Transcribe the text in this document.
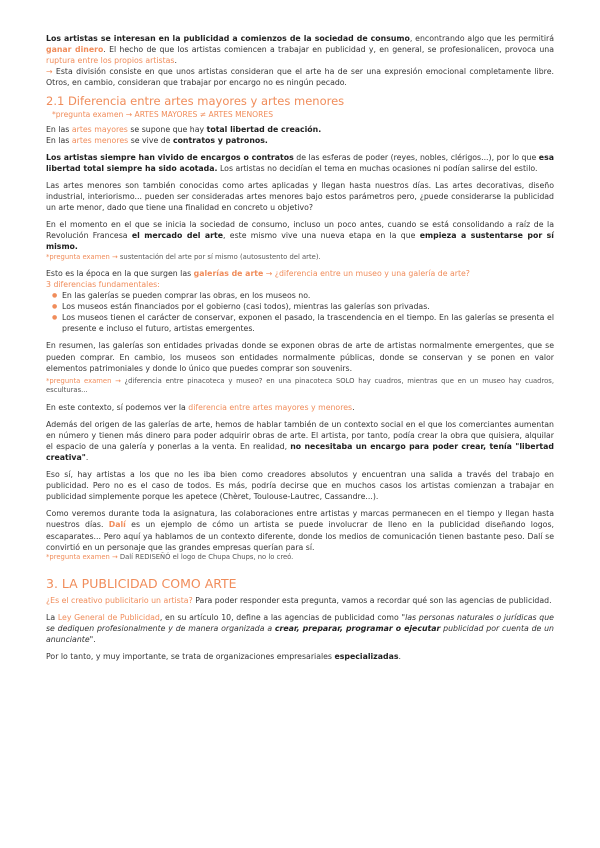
Los artistas se interesan en la publicidad a comienzos de la sociedad de consumo, encontrando algo que les permitirá ganar dinero. El hecho de que los artistas comiencen a trabajar en publicidad y, en general, se profesionalicen, provoca una ruptura entre los propios artistas.

→ Esta división consiste en que unos artistas consideran que el arte ha de ser una expresión emocional completamente libre. Otros, en cambio, consideran que trabajar por encargo no es ningún pecado.

2.1 Diferencia entre artes mayores y artes menores

*pregunta examen → ARTES MAYORES ≠ ARTES MENORES

En las artes mayores se supone que hay total libertad de creación.

En las artes menores se vive de contratos y patronos.

Los artistas siempre han vivido de encargos o contratos de las esferas de poder (reyes, nobles, clérigos...), por lo que esa libertad total siempre ha sido acotada. Los artistas no decidían el tema en muchas ocasiones ni podían salirse del estilo.

Las artes menores son también conocidas como artes aplicadas y llegan hasta nuestros días. Las artes decorativas, diseño industrial, interiorismo... pueden ser consideradas artes menores bajo estos parámetros pero, ¿puede considerarse la publicidad un arte menor, dado que tiene una finalidad en concreto u objetivo?

En el momento en el que se inicia la sociedad de consumo, incluso un poco antes, cuando se está consolidando a raíz de la Revolución Francesa el mercado del arte, este mismo vive una nueva etapa en la que empieza a sustentarse por sí mismo.

*pregunta examen → sustentación del arte por sí mismo (autosustento del arte).

Esto es la época en la que surgen las galerías de arte → ¿diferencia entre un museo y una galería de arte?

3 diferencias fundamentales:

● En las galerías se pueden comprar las obras, en los museos no.
● Los museos están financiados por el gobierno (casi todos), mientras las galerías son privadas.
● Los museos tienen el carácter de conservar, exponen el pasado, la trascendencia en el tiempo. En las galerías se presenta el presente e incluso el futuro, artistas emergentes.

En resumen, las galerías son entidades privadas donde se exponen obras de arte de artistas normalmente emergentes, que se pueden comprar. En cambio, los museos son entidades normalmente públicas, donde se conservan y se ponen en valor elementos patrimoniales y donde lo único que puedes comprar son souvenirs.

*pregunta examen → ¿diferencia entre pinacoteca y museo? en una pinacoteca SOLO hay cuadros, mientras que en un museo hay cuadros, esculturas...

En este contexto, sí podemos ver la diferencia entre artes mayores y menores.

Además del origen de las galerías de arte, hemos de hablar también de un contexto social en el que los comerciantes aumentan en número y tienen más dinero para poder adquirir obras de arte. El artista, por tanto, podía crear la obra que quisiera, alquilar el espacio de una galería y ponerlas a la venta. En realidad, no necesitaba un encargo para poder crear, tenía "libertad creativa".

Eso sí, hay artistas a los que no les iba bien como creadores absolutos y encuentran una salida a través del trabajo en publicidad. Pero no es el caso de todos. Es más, podría decirse que en muchos casos los artistas comienzan a trabajar en publicidad simplemente porque les apetece (Chèret, Toulouse-Lautrec, Cassandre...).

Como veremos durante toda la asignatura, las colaboraciones entre artistas y marcas permanecen en el tiempo y llegan hasta nuestros días. Dalí es un ejemplo de cómo un artista se puede involucrar de lleno en la publicidad diseñando logos, escaparates... Pero aquí ya hablamos de un contexto diferente, donde los medios de comunicación tienen bastante peso. Dalí se convirtió en un personaje que las grandes empresas querían para sí.

*pregunta examen → Dalí REDISEÑÓ el logo de Chupa Chups, no lo creó.

3. LA PUBLICIDAD COMO ARTE

¿Es el creativo publicitario un artista? Para poder responder esta pregunta, vamos a recordar qué son las agencias de publicidad.

La Ley General de Publicidad, en su artículo 10, define a las agencias de publicidad como "las personas naturales o jurídicas que se dediquen profesionalmente y de manera organizada a crear, preparar, programar o ejecutar publicidad por cuenta de un anunciante".

Por lo tanto, y muy importante, se trata de organizaciones empresariales especializadas.
